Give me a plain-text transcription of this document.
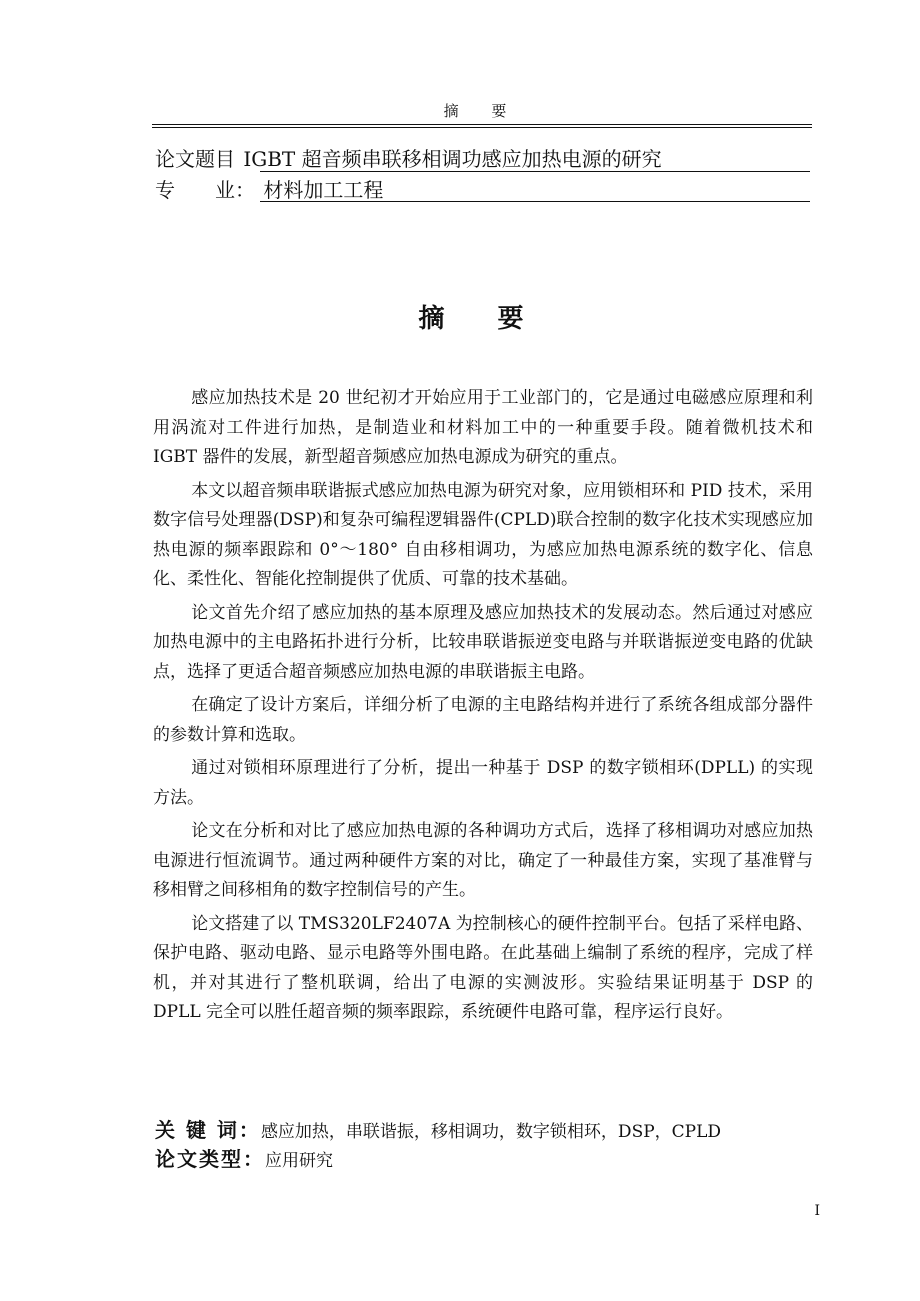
摘 要
论文题目 IGBT 超音频串联移相调功感应加热电源的研究
专　　业： 材料加工工程
摘 要

感应加热技术是 20 世纪初才开始应用于工业部门的，它是通过电磁感应原理和利用涡流对工件进行加热，是制造业和材料加工中的一种重要手段。随着微机技术和 IGBT 器件的发展，新型超音频感应加热电源成为研究的重点。

本文以超音频串联谐振式感应加热电源为研究对象，应用锁相环和 PID 技术，采用数字信号处理器(DSP)和复杂可编程逻辑器件(CPLD)联合控制的数字化技术实现感应加热电源的频率跟踪和 0°～180° 自由移相调功，为感应加热电源系统的数字化、信息化、柔性化、智能化控制提供了优质、可靠的技术基础。

论文首先介绍了感应加热的基本原理及感应加热技术的发展动态。然后通过对感应加热电源中的主电路拓扑进行分析，比较串联谐振逆变电路与并联谐振逆变电路的优缺点，选择了更适合超音频感应加热电源的串联谐振主电路。

在确定了设计方案后，详细分析了电源的主电路结构并进行了系统各组成部分器件的参数计算和选取。

通过对锁相环原理进行了分析，提出一种基于 DSP 的数字锁相环(DPLL) 的实现方法。

论文在分析和对比了感应加热电源的各种调功方式后，选择了移相调功对感应加热电源进行恒流调节。通过两种硬件方案的对比，确定了一种最佳方案，实现了基准臂与移相臂之间移相角的数字控制信号的产生。

论文搭建了以 TMS320LF2407A 为控制核心的硬件控制平台。包括了采样电路、保护电路、驱动电路、显示电路等外围电路。在此基础上编制了系统的程序，完成了样机，并对其进行了整机联调，给出了电源的实测波形。实验结果证明基于 DSP 的 DPLL 完全可以胜任超音频的频率跟踪，系统硬件电路可靠，程序运行良好。

关 键 词：感应加热，串联谐振，移相调功，数字锁相环，DSP，CPLD
论文类型：应用研究
I
